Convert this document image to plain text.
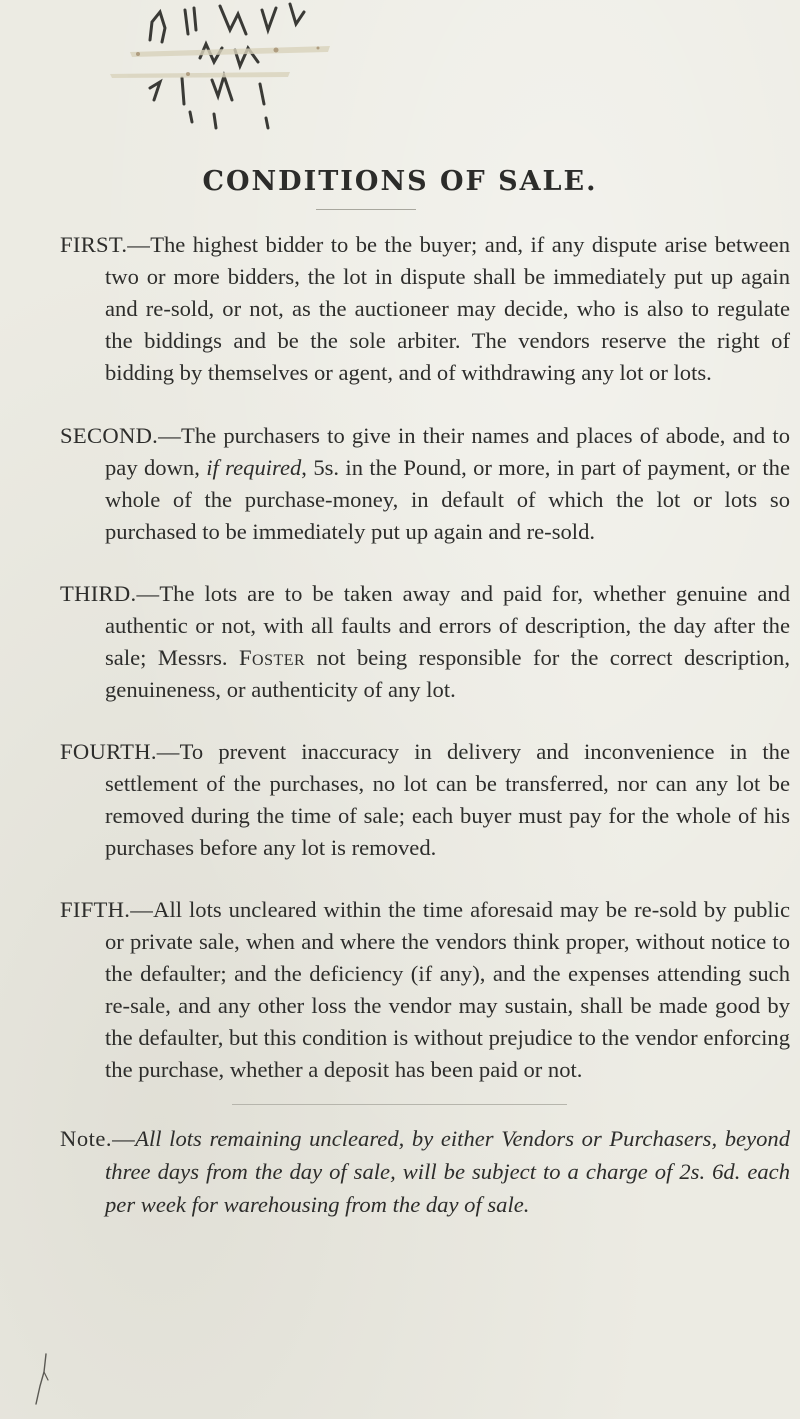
CONDITIONS OF SALE.

FIRST.—The highest bidder to be the buyer; and, if any dispute arise between two or more bidders, the lot in dispute shall be immediately put up again and re-sold, or not, as the auctioneer may decide, who is also to regulate the biddings and be the sole arbiter. The vendors reserve the right of bidding by themselves or agent, and of withdrawing any lot or lots.

SECOND.—The purchasers to give in their names and places of abode, and to pay down, if required, 5s. in the Pound, or more, in part of payment, or the whole of the purchase-money, in default of which the lot or lots so purchased to be immediately put up again and re-sold.

THIRD.—The lots are to be taken away and paid for, whether genuine and authentic or not, with all faults and errors of description, the day after the sale; Messrs. Foster not being responsible for the correct description, genuineness, or authenticity of any lot.

FOURTH.—To prevent inaccuracy in delivery and inconvenience in the settlement of the purchases, no lot can be transferred, nor can any lot be removed during the time of sale; each buyer must pay for the whole of his purchases before any lot is removed.

FIFTH.—All lots uncleared within the time aforesaid may be re-sold by public or private sale, when and where the vendors think proper, without notice to the defaulter; and the deficiency (if any), and the expenses attending such re-sale, and any other loss the vendor may sustain, shall be made good by the defaulter, but this condition is without prejudice to the vendor enforcing the purchase, whether a deposit has been paid or not.

Note.—All lots remaining uncleared, by either Vendors or Purchasers, beyond three days from the day of sale, will be subject to a charge of 2s. 6d. each per week for warehousing from the day of sale.
